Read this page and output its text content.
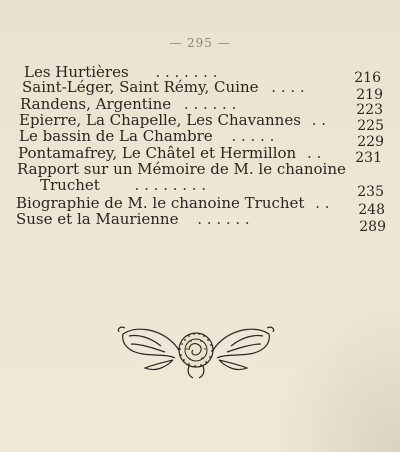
— 295 —
Les Hurtières . . . . . . .	216
Saint-Léger, Saint Rémy, Cuine . . . .	219
Randens, Argentine . . . . . .	223
Epierre, La Chapelle, Les Chavannes . .	225
Le bassin de La Chambre . . . . .	229
Pontamafrey, Le Châtel et Hermillon . .	231
Rapport sur un Mémoire de M. le chanoine
Truchet . . . . . . . .	235
Biographie de M. le chanoine Truchet . .	248
Suse et la Maurienne . . . . . .	289
